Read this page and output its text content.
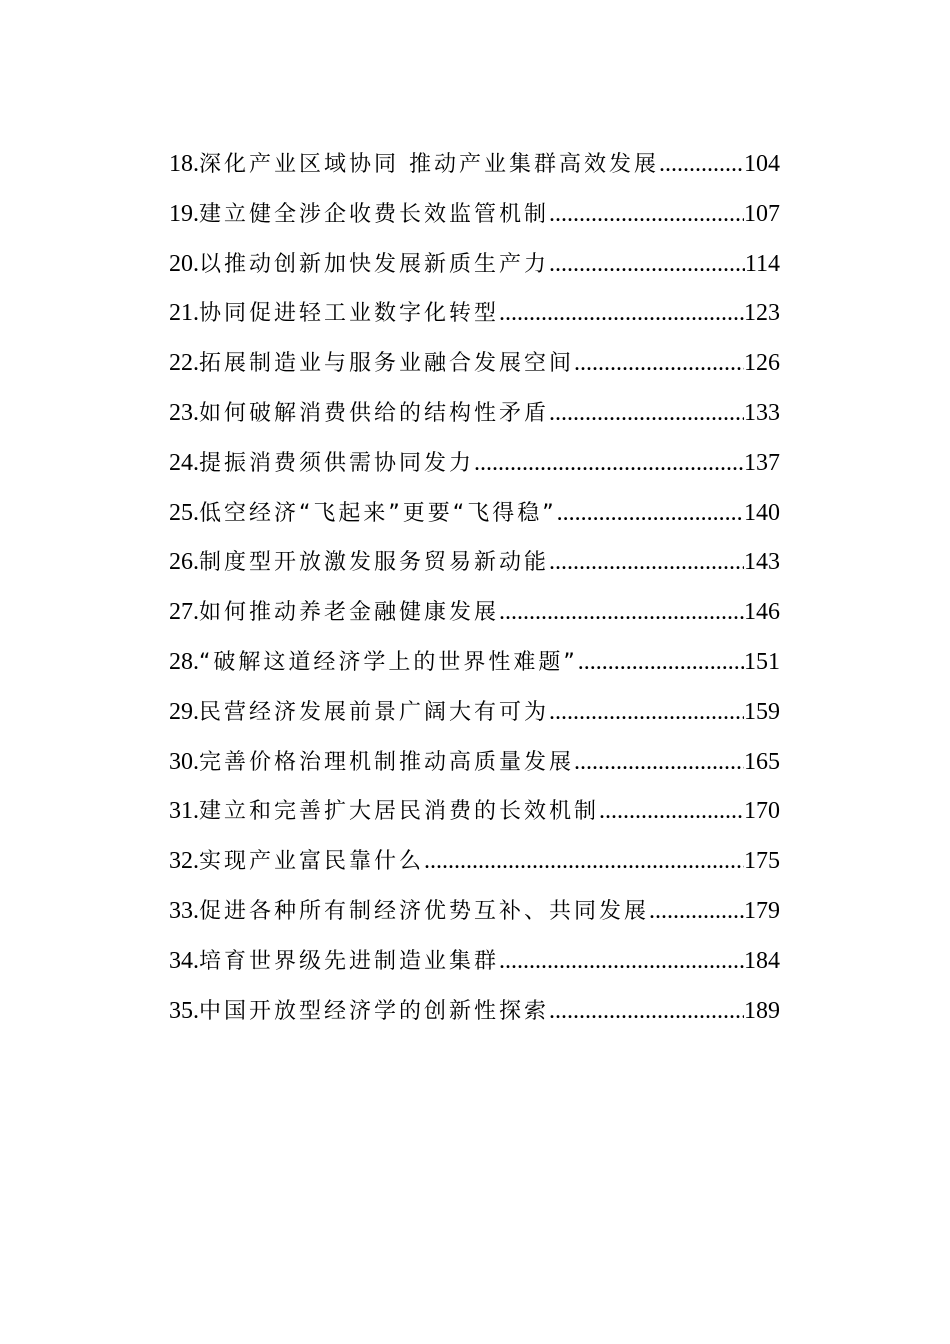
18. 深化产业区域协同 推动产业集群高效发展 .....	104
19. 建立健全涉企收费长效监管机制 .....	107
20. 以推动创新加快发展新质生产力 .....	114
21. 协同促进轻工业数字化转型 .....	123
22. 拓展制造业与服务业融合发展空间 .....	126
23. 如何破解消费供给的结构性矛盾 .....	133
24. 提振消费须供需协同发力 .....	137
25. 低空经济“飞起来”更要“飞得稳” .....	140
26. 制度型开放激发服务贸易新动能 .....	143
27. 如何推动养老金融健康发展 .....	146
28. “破解这道经济学上的世界性难题” .....	151
29. 民营经济发展前景广阔大有可为 .....	159
30. 完善价格治理机制推动高质量发展 .....	165
31. 建立和完善扩大居民消费的长效机制 .....	170
32. 实现产业富民靠什么 .....	175
33. 促进各种所有制经济优势互补、共同发展 .....	179
34. 培育世界级先进制造业集群 .....	184
35. 中国开放型经济学的创新性探索 .....	189
